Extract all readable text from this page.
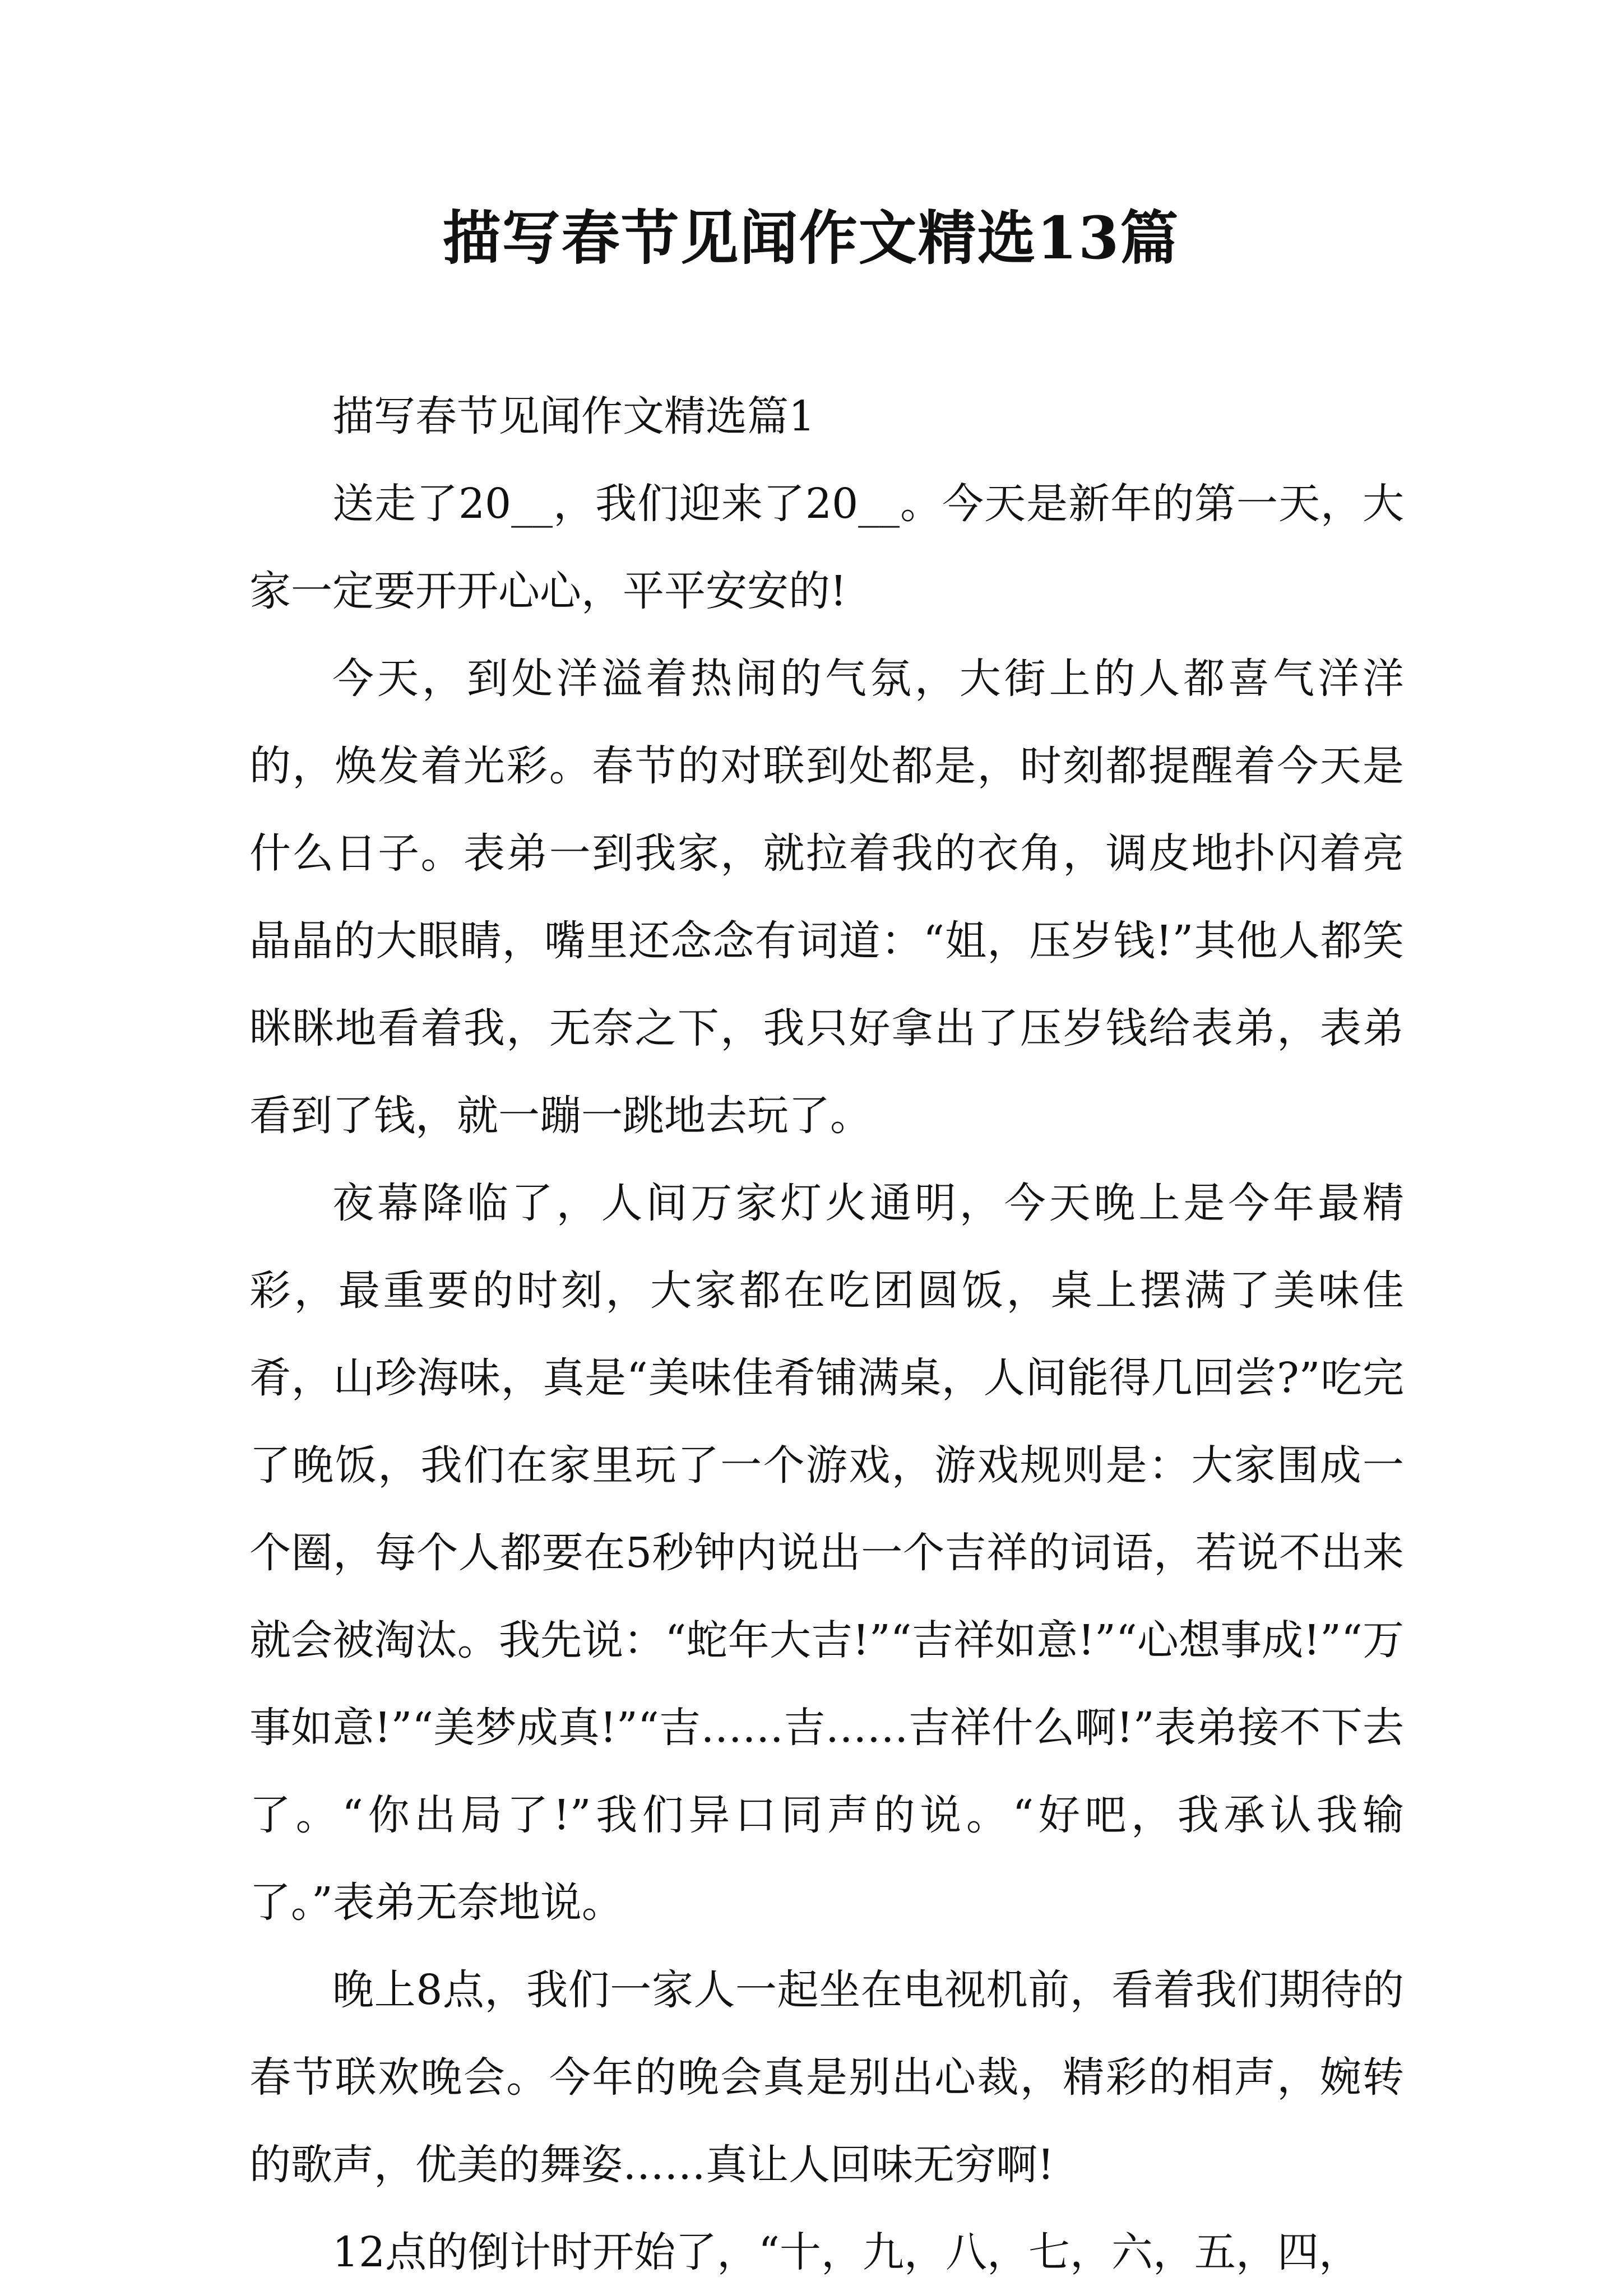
描写春节见闻作文精选13篇

描写春节见闻作文精选篇1

送走了20__，我们迎来了20__。今天是新年的第一天，大家一定要开开心心，平平安安的!

今天，到处洋溢着热闹的气氛，大街上的人都喜气洋洋的，焕发着光彩。春节的对联到处都是，时刻都提醒着今天是什么日子。表弟一到我家，就拉着我的衣角，调皮地扑闪着亮晶晶的大眼睛，嘴里还念念有词道：“姐，压岁钱!”其他人都笑眯眯地看着我，无奈之下，我只好拿出了压岁钱给表弟，表弟看到了钱，就一蹦一跳地去玩了。

夜幕降临了，人间万家灯火通明，今天晚上是今年最精彩，最重要的时刻，大家都在吃团圆饭，桌上摆满了美味佳肴，山珍海味，真是“美味佳肴铺满桌，人间能得几回尝?”吃完了晚饭，我们在家里玩了一个游戏，游戏规则是：大家围成一个圈，每个人都要在5秒钟内说出一个吉祥的词语，若说不出来就会被淘汰。我先说：“蛇年大吉!”“吉祥如意!”“心想事成!”“万事如意!”“美梦成真!”“吉……吉……吉祥什么啊!”表弟接不下去了。“你出局了!”我们异口同声的说。“好吧，我承认我输了。”表弟无奈地说。

晚上8点，我们一家人一起坐在电视机前，看着我们期待的春节联欢晚会。今年的晚会真是别出心裁，精彩的相声，婉转的歌声，优美的舞姿……真让人回味无穷啊!

12点的倒计时开始了，“十，九，八，七，六，五，四，
